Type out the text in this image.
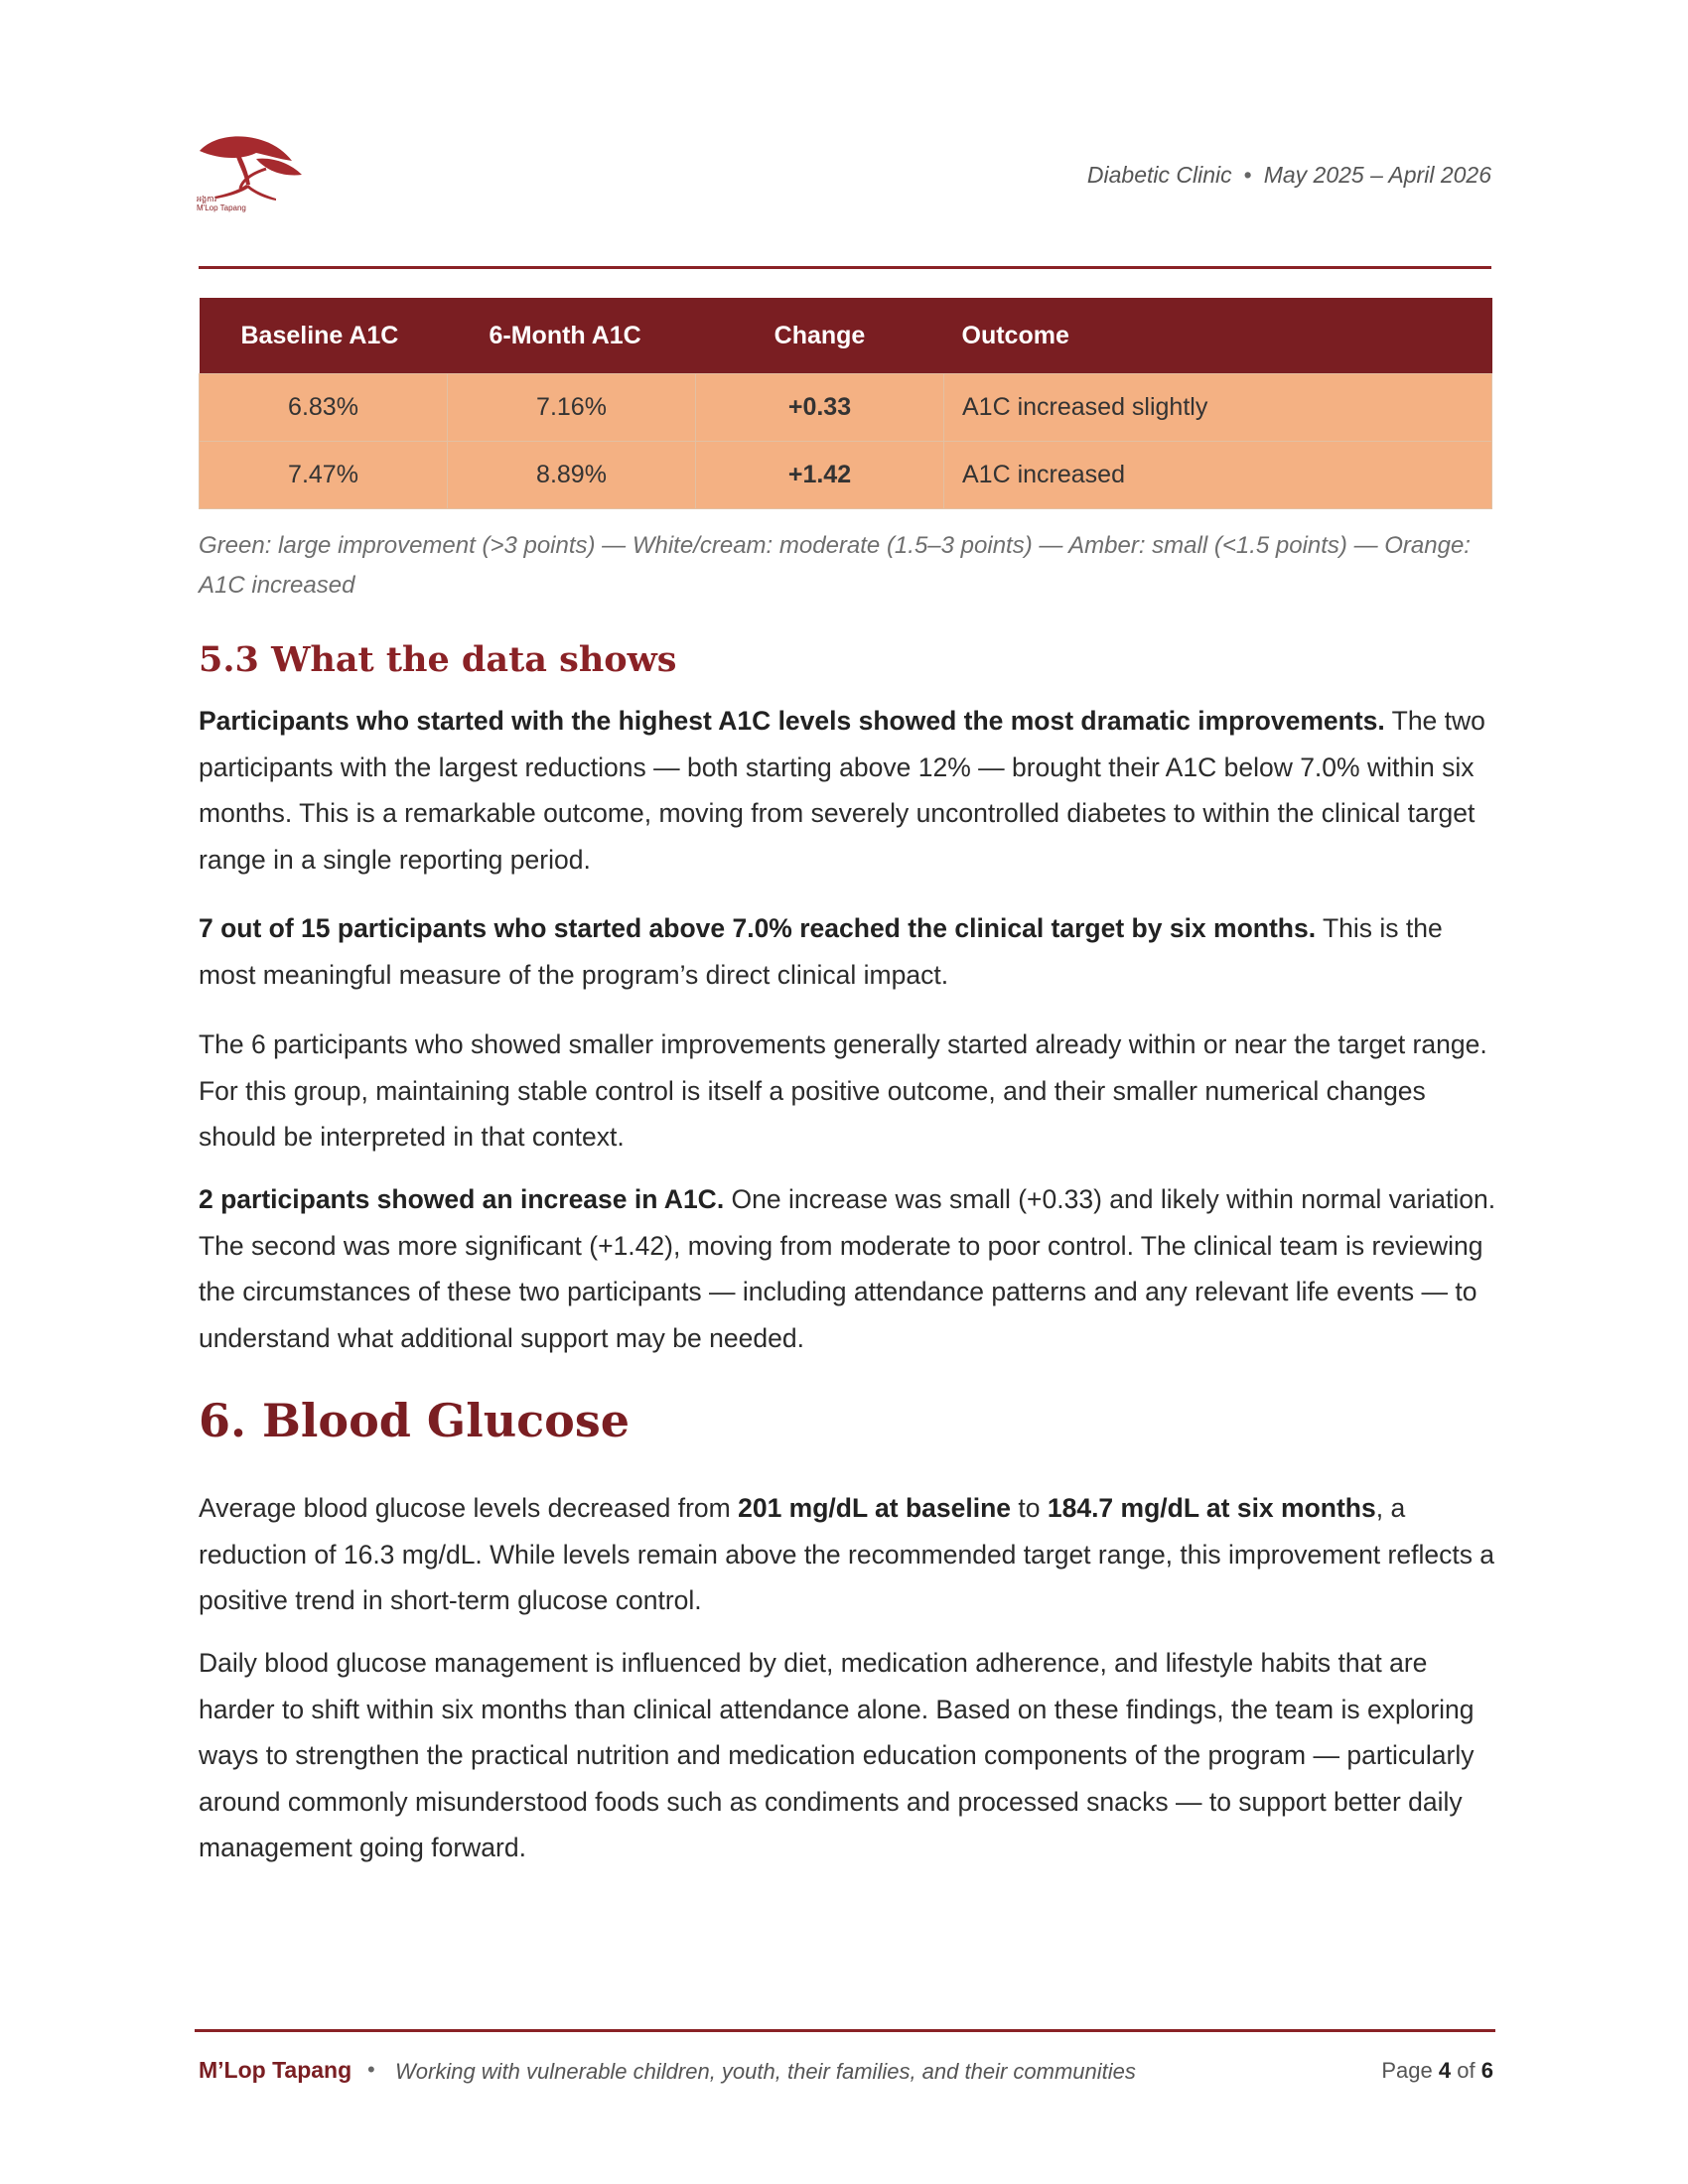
អង្គការ
M'Lop Tapang
Diabetic Clinic • May 2025 – April 2026
Baseline A1C	6-Month A1C	Change	Outcome
6.83%	7.16%	+0.33	A1C increased slightly
7.47%	8.89%	+1.42	A1C increased
Green: large improvement (>3 points) — White/cream: moderate (1.5–3 points) — Amber: small (<1.5 points) — Orange: A1C increased
5.3 What the data shows

Participants who started with the highest A1C levels showed the most dramatic improvements. The two participants with the largest reductions — both starting above 12% — brought their A1C below 7.0% within six months. This is a remarkable outcome, moving from severely uncontrolled diabetes to within the clinical target range in a single reporting period.

7 out of 15 participants who started above 7.0% reached the clinical target by six months. This is the most meaningful measure of the program’s direct clinical impact.

The 6 participants who showed smaller improvements generally started already within or near the target range. For this group, maintaining stable control is itself a positive outcome, and their smaller numerical changes should be interpreted in that context.

2 participants showed an increase in A1C. One increase was small (+0.33) and likely within normal variation. The second was more significant (+1.42), moving from moderate to poor control. The clinical team is reviewing the circumstances of these two participants — including attendance patterns and any relevant life events — to understand what additional support may be needed.

6. Blood Glucose

Average blood glucose levels decreased from 201 mg/dL at baseline to 184.7 mg/dL at six months, a reduction of 16.3 mg/dL. While levels remain above the recommended target range, this improvement reflects a positive trend in short-term glucose control.

Daily blood glucose management is influenced by diet, medication adherence, and lifestyle habits that are harder to shift within six months than clinical attendance alone. Based on these findings, the team is exploring ways to strengthen the practical nutrition and medication education components of the program — particularly around commonly misunderstood foods such as condiments and processed snacks — to support better daily management going forward.

M’Lop Tapang • Working with vulnerable children, youth, their families, and their communities	Page 4 of 6
